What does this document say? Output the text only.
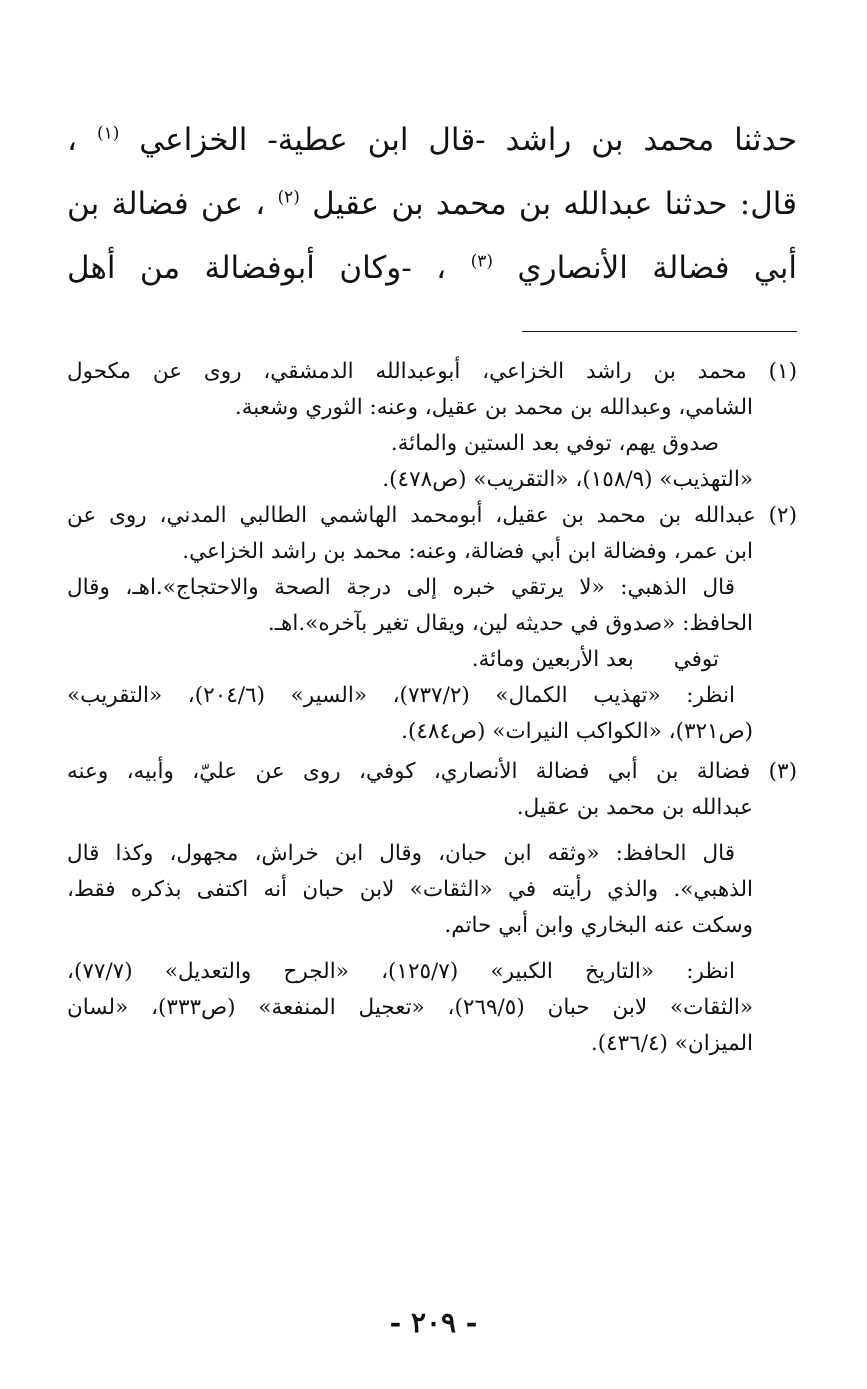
حدثنا محمد بن راشد -قال ابن عطية- الخزاعي $^{(١)}$ ،
قال: حدثنا عبدالله بن محمد بن عقيل $^{(٢)}$ ، عن فضالة بن
أبي فضالة الأنصاري $^{(٣)}$ ، -وكان أبوفضالة من أهل
(١) محمد بن راشد الخزاعي، أبوعبدالله الدمشقي، روى عن مكحول
الشامي، وعبدالله بن محمد بن عقيل، وعنه: الثوري وشعبة.
صدوق يهم، توفي بعد الستين والمائة.
«التهذيب» (١٥٨/٩)، «التقريب» (ص٤٧٨).
(٢) عبدالله بن محمد بن عقيل، أبومحمد الهاشمي الطالبي المدني، روى عن
ابن عمر، وفضالة ابن أبي فضالة، وعنه: محمد بن راشد الخزاعي.
قال الذهبي: «لا يرتقي خبره إلى درجة الصحة والاحتجاج».اهـ، وقال
الحافظ: «صدوق في حديثه لين، ويقال تغير بآخره».اهـ.
توفيبعد الأربعين ومائة.
انظر: «تهذيب الكمال» (٧٣٧/٢)، «السير» (٢٠٤/٦)، «التقريب»
(ص٣٢١)، «الكواكب النيرات» (ص٤٨٤).
(٣) فضالة بن أبي فضالة الأنصاري، كوفي، روى عن عليّ، وأبيه، وعنه
عبدالله بن محمد بن عقيل.
قال الحافظ: «وثقه ابن حبان، وقال ابن خراش، مجهول، وكذا قال
الذهبي». والذي رأيته في «الثقات» لابن حبان أنه اكتفى بذكره فقط،
وسكت عنه البخاري وابن أبي حاتم.
انظر: «التاريخ الكبير» (١٢٥/٧)، «الجرح والتعديل» (٧٧/٧)،
«الثقات» لابن حبان (٢٦٩/٥)، «تعجيل المنفعة» (ص٣٣٣)، «لسان
الميزان» (٤٣٦/٤).
- ٢٠٩ -
